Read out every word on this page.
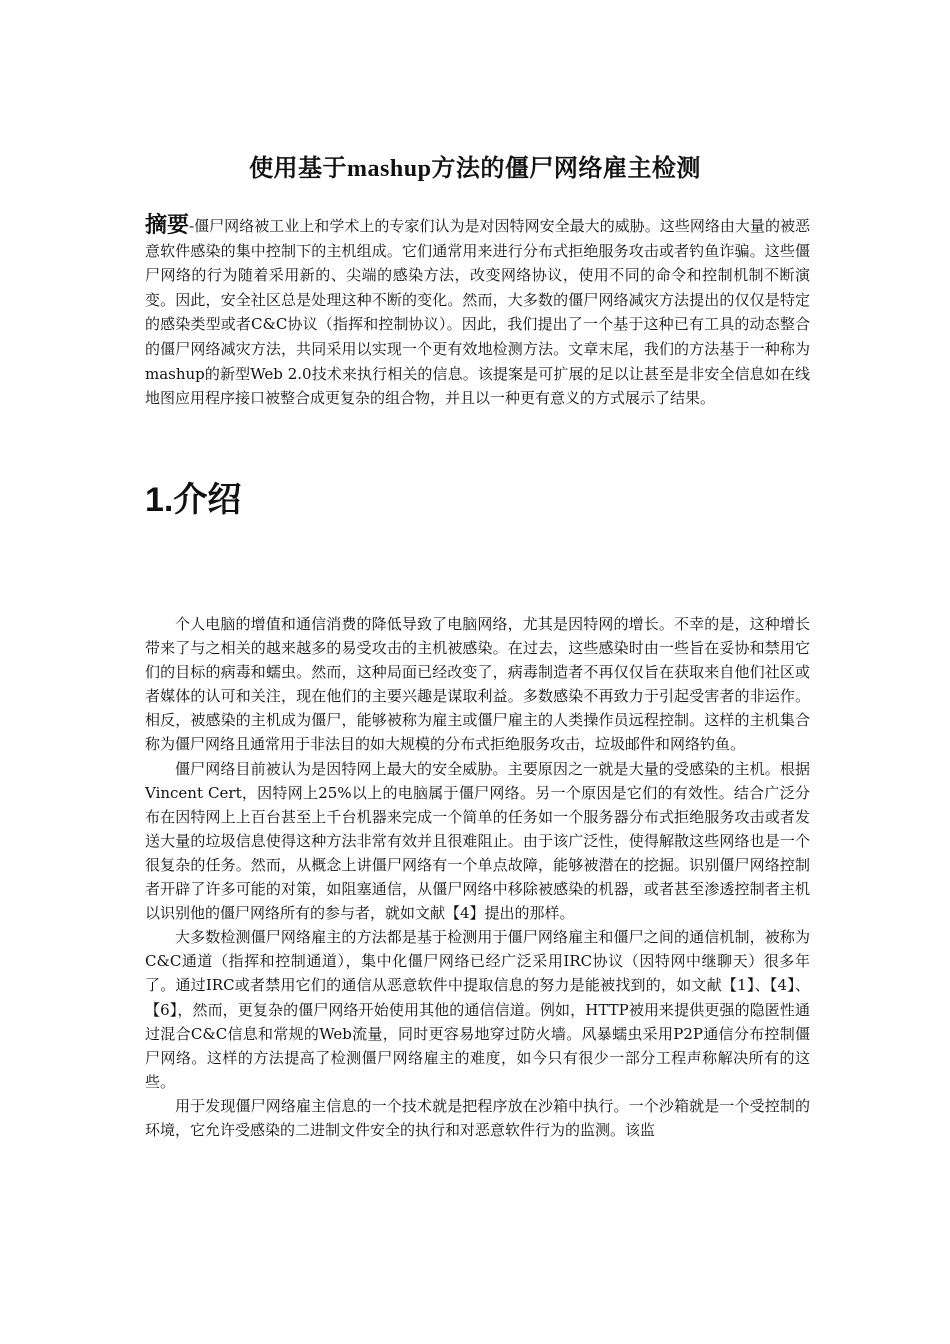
使用基于mashup方法的僵尸网络雇主检测
摘要-僵尸网络被工业上和学术上的专家们认为是对因特网安全最大的威胁。这些网络由大量的被恶意软件感染的集中控制下的主机组成。它们通常用来进行分布式拒绝服务攻击或者钓鱼诈骗。这些僵尸网络的行为随着采用新的、尖端的感染方法，改变网络协议，使用不同的命令和控制机制不断演变。因此，安全社区总是处理这种不断的变化。然而，大多数的僵尸网络减灾方法提出的仅仅是特定的感染类型或者C&C协议（指挥和控制协议）。因此，我们提出了一个基于这种已有工具的动态整合的僵尸网络减灾方法，共同采用以实现一个更有效地检测方法。文章末尾，我们的方法基于一种称为mashup的新型Web 2.0技术来执行相关的信息。该提案是可扩展的足以让甚至是非安全信息如在线地图应用程序接口被整合成更复杂的组合物，并且以一种更有意义的方式展示了结果。
1.介绍

个人电脑的增值和通信消费的降低导致了电脑网络，尤其是因特网的增长。不幸的是，这种增长带来了与之相关的越来越多的易受攻击的主机被感染。在过去，这些感染时由一些旨在妥协和禁用它们的目标的病毒和蠕虫。然而，这种局面已经改变了，病毒制造者不再仅仅旨在获取来自他们社区或者媒体的认可和关注，现在他们的主要兴趣是谋取利益。多数感染不再致力于引起受害者的非运作。相反，被感染的主机成为僵尸，能够被称为雇主或僵尸雇主的人类操作员远程控制。这样的主机集合称为僵尸网络且通常用于非法目的如大规模的分布式拒绝服务攻击，垃圾邮件和网络钓鱼。

僵尸网络目前被认为是因特网上最大的安全威胁。主要原因之一就是大量的受感染的主机。根据Vincent Cert，因特网上25%以上的电脑属于僵尸网络。另一个原因是它们的有效性。结合广泛分布在因特网上上百台甚至上千台机器来完成一个简单的任务如一个服务器分布式拒绝服务攻击或者发送大量的垃圾信息使得这种方法非常有效并且很难阻止。由于该广泛性，使得解散这些网络也是一个很复杂的任务。然而，从概念上讲僵尸网络有一个单点故障，能够被潜在的挖掘。识别僵尸网络控制者开辟了许多可能的对策，如阻塞通信，从僵尸网络中移除被感染的机器，或者甚至渗透控制者主机以识别他的僵尸网络所有的参与者，就如文献【4】提出的那样。

大多数检测僵尸网络雇主的方法都是基于检测用于僵尸网络雇主和僵尸之间的通信机制，被称为C&C通道（指挥和控制通道），集中化僵尸网络已经广泛采用IRC协议（因特网中继聊天）很多年了。通过IRC或者禁用它们的通信从恶意软件中提取信息的努力是能被找到的，如文献【1】、【4】、【6】，然而，更复杂的僵尸网络开始使用其他的通信信道。例如，HTTP被用来提供更强的隐匿性通过混合C&C信息和常规的Web流量，同时更容易地穿过防火墙。风暴蠕虫采用P2P通信分布控制僵尸网络。这样的方法提高了检测僵尸网络雇主的难度，如今只有很少一部分工程声称解决所有的这些。

用于发现僵尸网络雇主信息的一个技术就是把程序放在沙箱中执行。一个沙箱就是一个受控制的环境，它允许受感染的二进制文件安全的执行和对恶意软件行为的监测。该监
